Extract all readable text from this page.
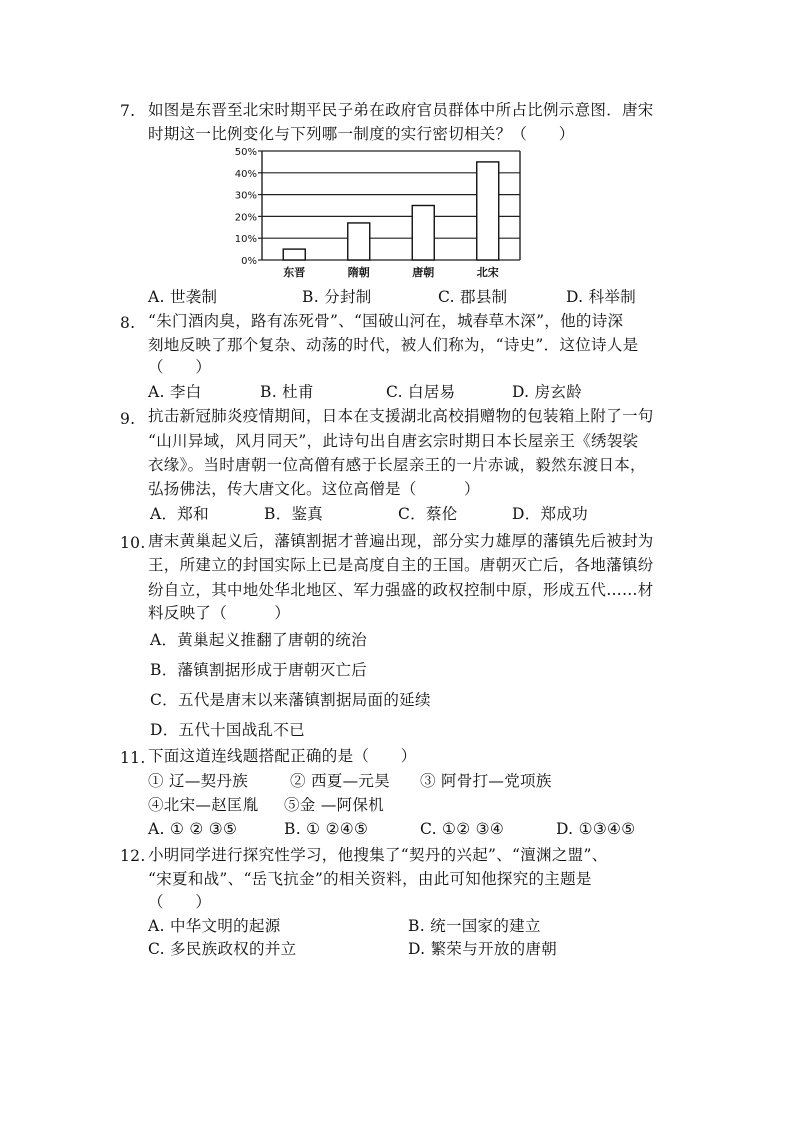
7. 如图是东晋至北宋时期平民子弟在政府官员群体中所占比例示意图．唐宋
时期这一比例变化与下列哪一制度的实行密切相关？（　　）
0%
10%
20%
30%
40%
50%
东晋	隋朝	唐朝	北宋
A. 世袭制	B. 分封制	C. 郡县制	D. 科举制
8. “朱门酒肉臭，路有冻死骨”、“国破山河在，城春草木深”，他的诗深
刻地反映了那个复杂、动荡的时代，被人们称为，“诗史”．这位诗人是
（　　）
A. 李白	B. 杜甫	C. 白居易	D. 房玄龄
9. 抗击新冠肺炎疫情期间，日本在支援湖北高校捐赠物的包装箱上附了一句
“山川异域，风月同天”，此诗句出自唐玄宗时期日本长屋亲王《绣袈裟
衣缘》。当时唐朝一位高僧有感于长屋亲王的一片赤诚，毅然东渡日本，
弘扬佛法，传大唐文化。这位高僧是（　　　）
A．郑和	B．鉴真	C．蔡伦	D．郑成功
10. 唐末黄巢起义后，藩镇割据才普遍出现，部分实力雄厚的藩镇先后被封为
王，所建立的封国实际上已是高度自主的王国。唐朝灭亡后，各地藩镇纷
纷自立，其中地处华北地区、军力强盛的政权控制中原，形成五代……材
料反映了（　　　）
A．黄巢起义推翻了唐朝的统治
B．藩镇割据形成于唐朝灭亡后
C．五代是唐末以来藩镇割据局面的延续
D．五代十国战乱不已
11. 下面这道连线题搭配正确的是（　　）
① 辽—契丹族	② 西夏—元昊 ③ 阿骨打—党项族
④北宋—赵匡胤 ⑤金 —阿保机
A. ① ② ③⑤	B. ① ②④⑤	C. ①② ③④	D. ①③④⑤
12. 小明同学进行探究性学习，他搜集了“契丹的兴起”、“澶渊之盟”、
“宋夏和战”、“岳飞抗金”的相关资料，由此可知他探究的主题是
（　　）
A. 中华文明的起源	B. 统一国家的建立
C. 多民族政权的并立	D. 繁荣与开放的唐朝
